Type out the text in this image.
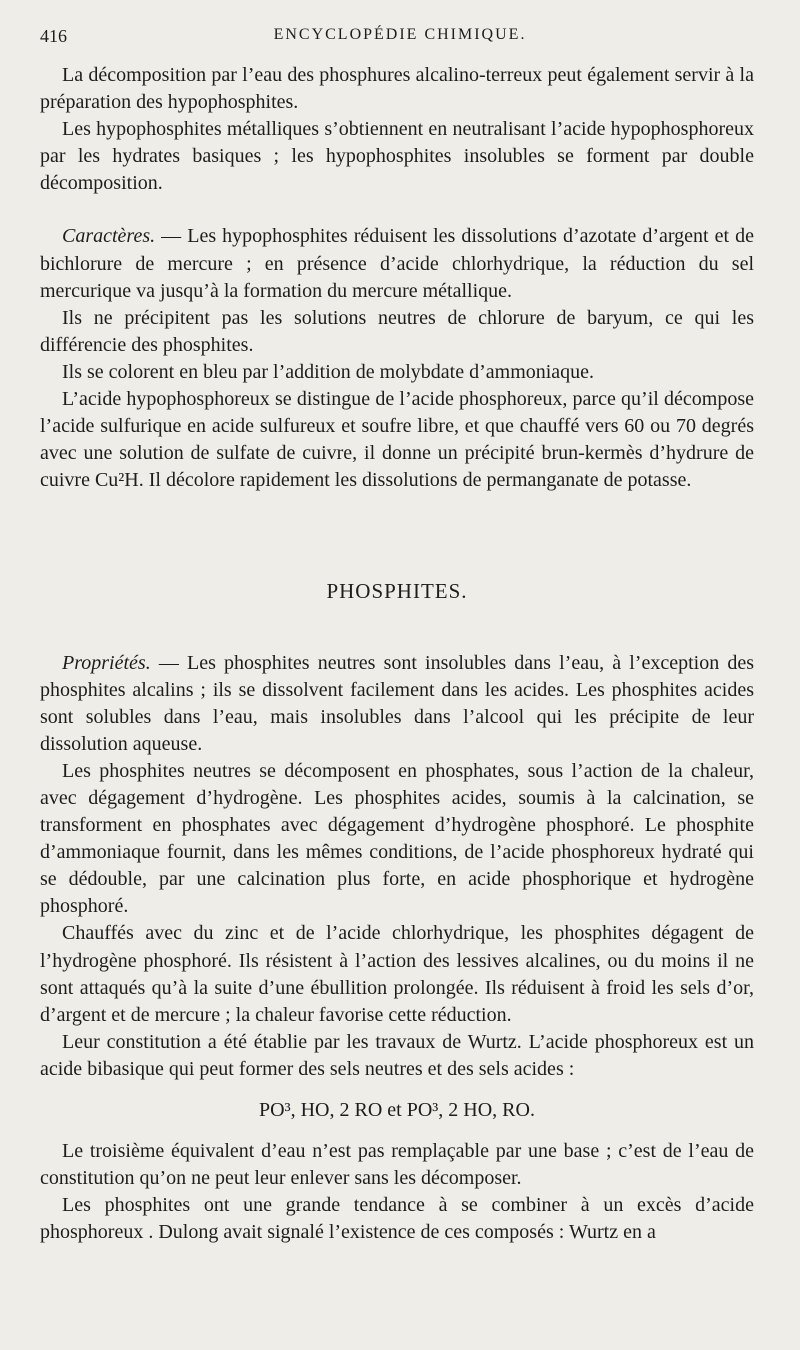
416	ENCYCLOPÉDIE CHIMIQUE.

La décomposition par l’eau des phosphures alcalino-terreux peut également servir à la préparation des hypophosphites.

Les hypophosphites métalliques s’obtiennent en neutralisant l’acide hypophosphoreux par les hydrates basiques ; les hypophosphites insolubles se forment par double décomposition.

Caractères. — Les hypophosphites réduisent les dissolutions d’azotate d’argent et de bichlorure de mercure ; en présence d’acide chlorhydrique, la réduction du sel mercurique va jusqu’à la formation du mercure métallique.

Ils ne précipitent pas les solutions neutres de chlorure de baryum, ce qui les différencie des phosphites.

Ils se colorent en bleu par l’addition de molybdate d’ammoniaque.

L’acide hypophosphoreux se distingue de l’acide phosphoreux, parce qu’il décompose l’acide sulfurique en acide sulfureux et soufre libre, et que chauffé vers 60 ou 70 degrés avec une solution de sulfate de cuivre, il donne un précipité brun-kermès d’hydrure de cuivre Cu²H. Il décolore rapidement les dissolutions de permanganate de potasse.

PHOSPHITES.

Propriétés. — Les phosphites neutres sont insolubles dans l’eau, à l’exception des phosphites alcalins ; ils se dissolvent facilement dans les acides. Les phosphites acides sont solubles dans l’eau, mais insolubles dans l’alcool qui les précipite de leur dissolution aqueuse.

Les phosphites neutres se décomposent en phosphates, sous l’action de la chaleur, avec dégagement d’hydrogène. Les phosphites acides, soumis à la calcination, se transforment en phosphates avec dégagement d’hydrogène phosphoré. Le phosphite d’ammoniaque fournit, dans les mêmes conditions, de l’acide phosphoreux hydraté qui se dédouble, par une calcination plus forte, en acide phosphorique et hydrogène phosphoré.

Chauffés avec du zinc et de l’acide chlorhydrique, les phosphites dégagent de l’hydrogène phosphoré. Ils résistent à l’action des lessives alcalines, ou du moins il ne sont attaqués qu’à la suite d’une ébullition prolongée. Ils réduisent à froid les sels d’or, d’argent et de mercure ; la chaleur favorise cette réduction.

Leur constitution a été établie par les travaux de Wurtz. L’acide phosphoreux est un acide bibasique qui peut former des sels neutres et des sels acides :

PO³, HO, 2 RO et PO³, 2 HO, RO.

Le troisième équivalent d’eau n’est pas remplaçable par une base ; c’est de l’eau de constitution qu’on ne peut leur enlever sans les décomposer.

Les phosphites ont une grande tendance à se combiner à un excès d’acide phosphoreux . Dulong avait signalé l’existence de ces composés : Wurtz en a
